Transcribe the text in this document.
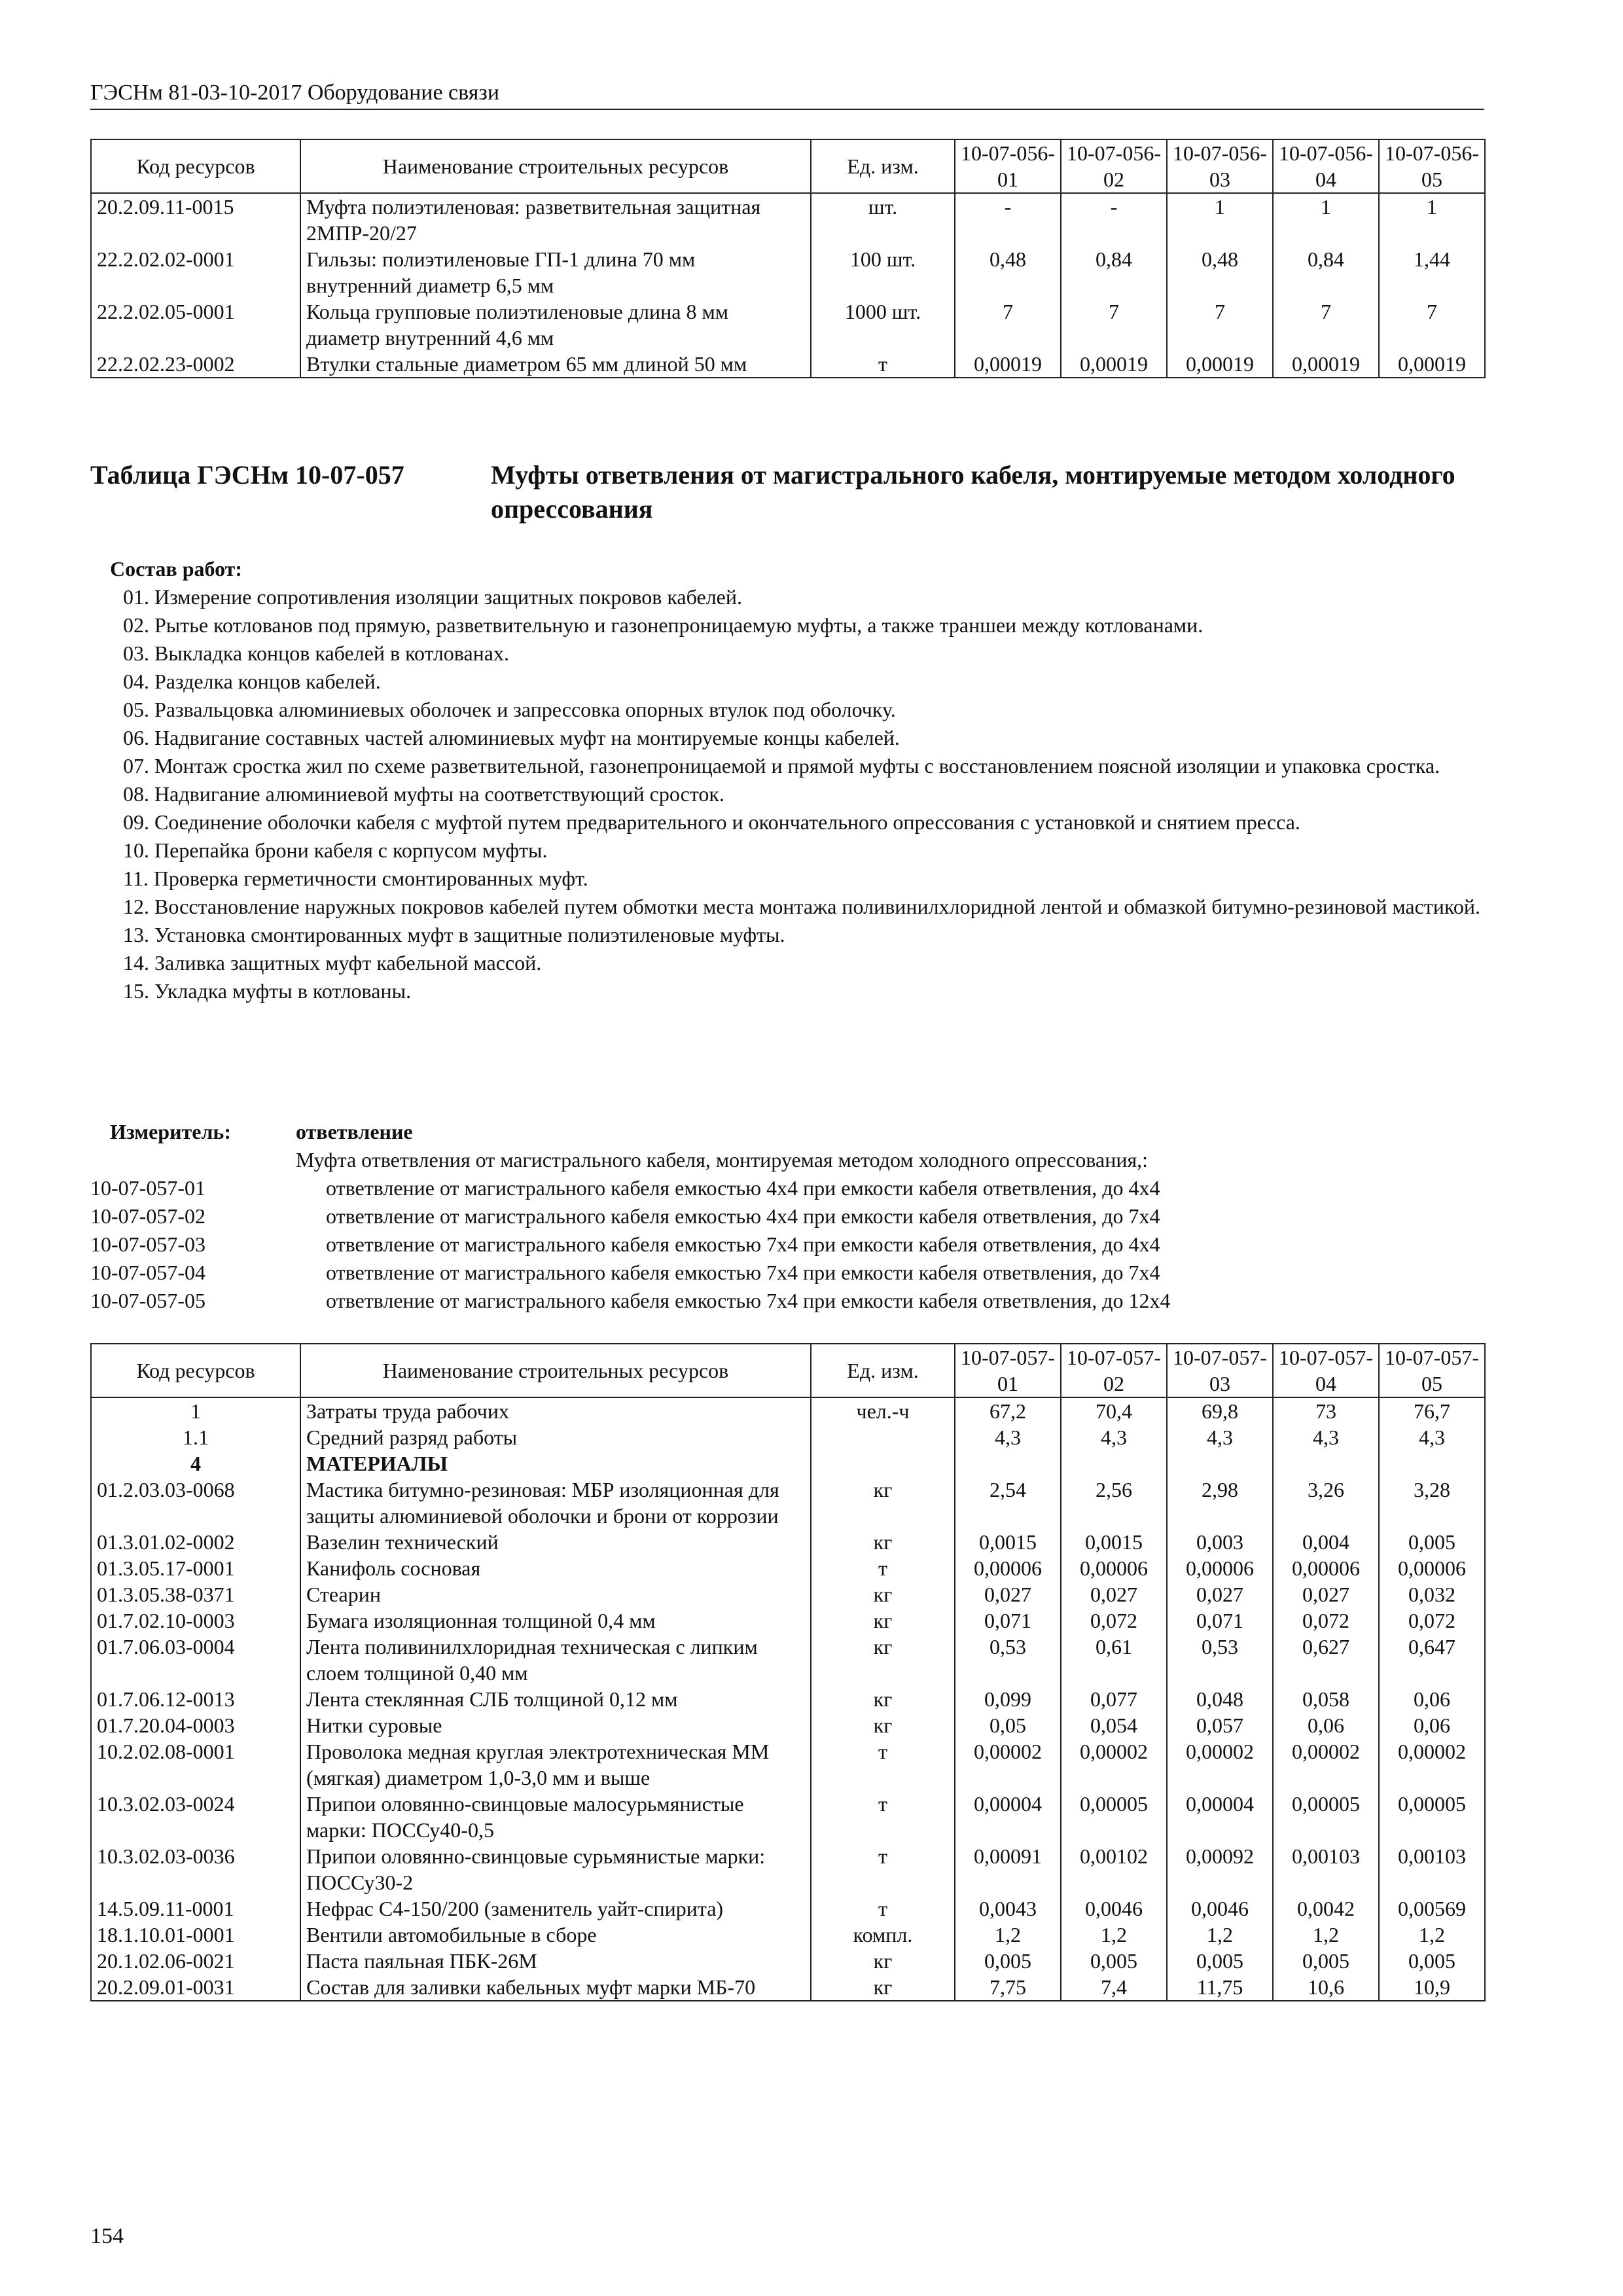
ГЭСНм 81-03-10-2017 Оборудование связи
Код ресурсов	Наименование строительных ресурсов	Ед. изм.	10-07-056-01	10-07-056-02	10-07-056-03	10-07-056-04	10-07-056-05
20.2.09.11-0015	Муфта полиэтиленовая: разветвительная защитная 2МПР-20/27	шт.	-	-	1	1	1
22.2.02.02-0001	Гильзы: полиэтиленовые ГП-1 длина 70 мм внутренний диаметр 6,5 мм	100 шт.	0,48	0,84	0,48	0,84	1,44
22.2.02.05-0001	Кольца групповые полиэтиленовые длина 8 мм диаметр внутренний 4,6 мм	1000 шт.	7	7	7	7	7
22.2.02.23-0002	Втулки стальные диаметром 65 мм длиной 50 мм	т	0,00019	0,00019	0,00019	0,00019	0,00019
Таблица ГЭСНм 10-07-057	Муфты ответвления от магистрального кабеля, монтируемые методом холодного опрессования
Состав работ:
01. Измерение сопротивления изоляции защитных покровов кабелей.
02. Рытье котлованов под прямую, разветвительную и газонепроницаемую муфты, а также траншеи между котлованами.
03. Выкладка концов кабелей в котлованах.
04. Разделка концов кабелей.
05. Развальцовка алюминиевых оболочек и запрессовка опорных втулок под оболочку.
06. Надвигание составных частей алюминиевых муфт на монтируемые концы кабелей.
07. Монтаж сростка жил по схеме разветвительной, газонепроницаемой и прямой муфты с восстановлением поясной изоляции и упаковка сростка.
08. Надвигание алюминиевой муфты на соответствующий сросток.
09. Соединение оболочки кабеля с муфтой путем предварительного и окончательного опрессования с установкой и снятием пресса.
10. Перепайка брони кабеля с корпусом муфты.
11. Проверка герметичности смонтированных муфт.
12. Восстановление наружных покровов кабелей путем обмотки места монтажа поливинилхлоридной лентой и обмазкой битумно-резиновой мастикой.
13. Установка смонтированных муфт в защитные полиэтиленовые муфты.
14. Заливка защитных муфт кабельной массой.
15. Укладка муфты в котлованы.
Измеритель:	ответвление
Муфта ответвления от магистрального кабеля, монтируемая методом холодного опрессования,:
10-07-057-01	ответвление от магистрального кабеля емкостью 4х4 при емкости кабеля ответвления, до 4х4
10-07-057-02	ответвление от магистрального кабеля емкостью 4х4 при емкости кабеля ответвления, до 7х4
10-07-057-03	ответвление от магистрального кабеля емкостью 7х4 при емкости кабеля ответвления, до 4х4
10-07-057-04	ответвление от магистрального кабеля емкостью 7х4 при емкости кабеля ответвления, до 7х4
10-07-057-05	ответвление от магистрального кабеля емкостью 7х4 при емкости кабеля ответвления, до 12х4
Код ресурсов	Наименование строительных ресурсов	Ед. изм.	10-07-057-01	10-07-057-02	10-07-057-03	10-07-057-04	10-07-057-05
1	Затраты труда рабочих	чел.-ч	67,2	70,4	69,8	73	76,7
1.1	Средний разряд работы		4,3	4,3	4,3	4,3	4,3
4	МАТЕРИАЛЫ						
01.2.03.03-0068	Мастика битумно-резиновая: МБР изоляционная для защиты алюминиевой оболочки и брони от коррозии	кг	2,54	2,56	2,98	3,26	3,28
01.3.01.02-0002	Вазелин технический	кг	0,0015	0,0015	0,003	0,004	0,005
01.3.05.17-0001	Канифоль сосновая	т	0,00006	0,00006	0,00006	0,00006	0,00006
01.3.05.38-0371	Стеарин	кг	0,027	0,027	0,027	0,027	0,032
01.7.02.10-0003	Бумага изоляционная толщиной 0,4 мм	кг	0,071	0,072	0,071	0,072	0,072
01.7.06.03-0004	Лента поливинилхлоридная техническая с липким слоем толщиной 0,40 мм	кг	0,53	0,61	0,53	0,627	0,647
01.7.06.12-0013	Лента стеклянная СЛБ толщиной 0,12 мм	кг	0,099	0,077	0,048	0,058	0,06
01.7.20.04-0003	Нитки суровые	кг	0,05	0,054	0,057	0,06	0,06
10.2.02.08-0001	Проволока медная круглая электротехническая ММ (мягкая) диаметром 1,0-3,0 мм и выше	т	0,00002	0,00002	0,00002	0,00002	0,00002
10.3.02.03-0024	Припои оловянно-свинцовые малосурьмянистые марки: ПОССу40-0,5	т	0,00004	0,00005	0,00004	0,00005	0,00005
10.3.02.03-0036	Припои оловянно-свинцовые сурьмянистые марки: ПОССу30-2	т	0,00091	0,00102	0,00092	0,00103	0,00103
14.5.09.11-0001	Нефрас С4-150/200 (заменитель уайт-спирита)	т	0,0043	0,0046	0,0046	0,0042	0,00569
18.1.10.01-0001	Вентили автомобильные в сборе	компл.	1,2	1,2	1,2	1,2	1,2
20.1.02.06-0021	Паста паяльная ПБК-26М	кг	0,005	0,005	0,005	0,005	0,005
20.2.09.01-0031	Состав для заливки кабельных муфт марки МБ-70	кг	7,75	7,4	11,75	10,6	10,9
154
